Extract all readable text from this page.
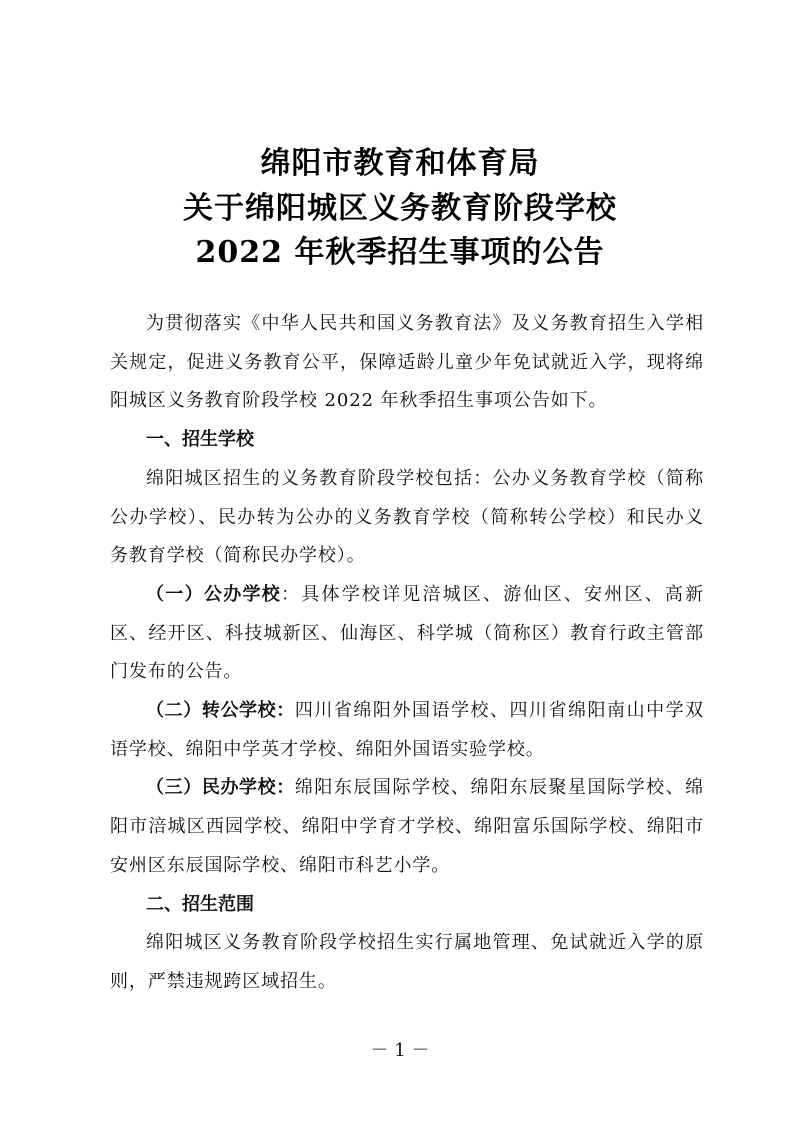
绵阳市教育和体育局
关于绵阳城区义务教育阶段学校
2022 年秋季招生事项的公告

为贯彻落实《中华人民共和国义务教育法》及义务教育招生入学相关规定，促进义务教育公平，保障适龄儿童少年免试就近入学，现将绵阳城区义务教育阶段学校 2022 年秋季招生事项公告如下。

一、招生学校

绵阳城区招生的义务教育阶段学校包括：公办义务教育学校（简称公办学校）、民办转为公办的义务教育学校（简称转公学校）和民办义务教育学校（简称民办学校）。

（一）公办学校：具体学校详见涪城区、游仙区、安州区、高新区、经开区、科技城新区、仙海区、科学城（简称区）教育行政主管部门发布的公告。

（二）转公学校：四川省绵阳外国语学校、四川省绵阳南山中学双语学校、绵阳中学英才学校、绵阳外国语实验学校。

（三）民办学校：绵阳东辰国际学校、绵阳东辰聚星国际学校、绵阳市涪城区西园学校、绵阳中学育才学校、绵阳富乐国际学校、绵阳市安州区东辰国际学校、绵阳市科艺小学。

二、招生范围

绵阳城区义务教育阶段学校招生实行属地管理、免试就近入学的原则，严禁违规跨区域招生。

－ 1 －
